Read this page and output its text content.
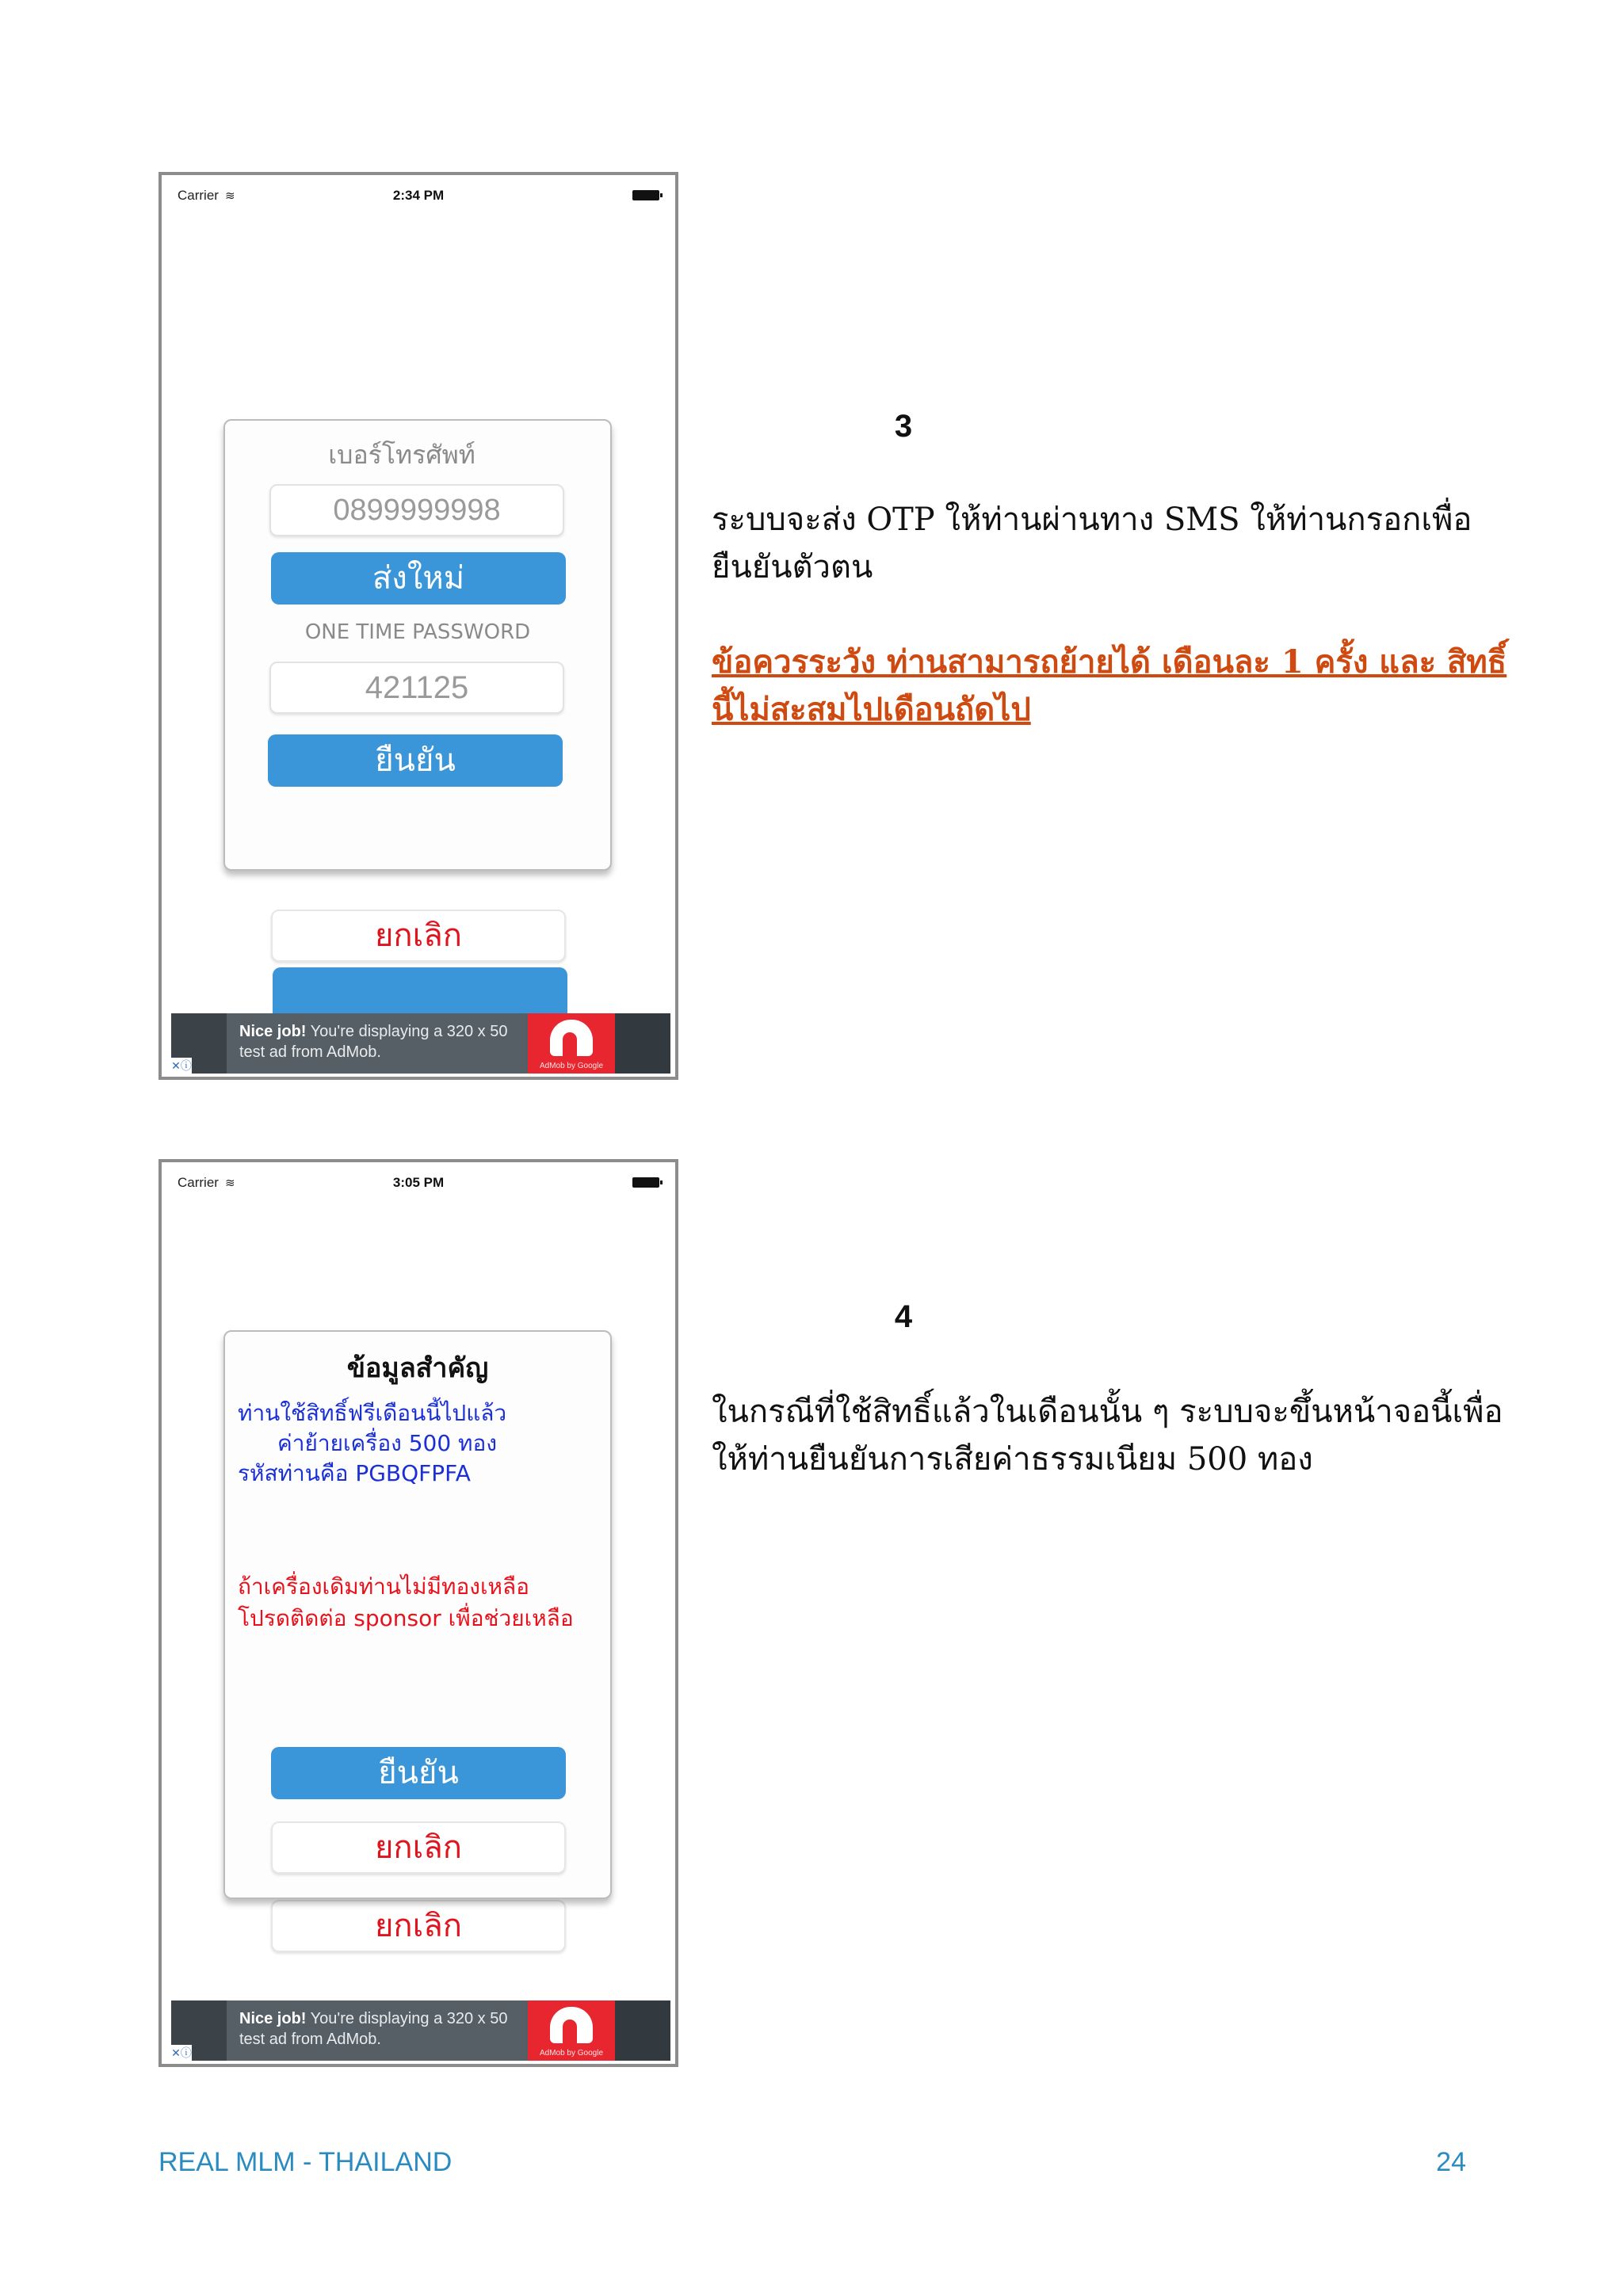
Carrier ≋	2:34 PM
ยกเลิก
เบอร์โทรศัพท์
0899999998
ส่งใหม่
ONE TIME PASSWORD
421125
ยืนยัน
✕ⓘ
Nice job! You're displaying a 320 x 50
test ad from AdMob.
AdMob by Google
3
ระบบจะส่ง OTP ให้ท่านผ่านทาง SMS ให้ท่านกรอกเพื่อยืนยันตัวตน
ข้อควรระวัง ท่านสามารถย้ายได้ เดือนละ 1 ครั้ง และ สิทธิ์นี้ไม่สะสมไปเดือนถัดไป
Carrier ≋	3:05 PM
ยกเลิก
ข้อมูลสำคัญ
ท่านใช้สิทธิ์ฟรีเดือนนี้ไปแล้ว
ค่าย้ายเครื่อง 500 ทอง
รหัสท่านคือ PGBQFPFA
ถ้าเครื่องเดิมท่านไม่มีทองเหลือ
โปรดติดต่อ sponsor เพื่อช่วยเหลือ
ยืนยัน
ยกเลิก
✕ⓘ
Nice job! You're displaying a 320 x 50
test ad from AdMob.
AdMob by Google
4
ในกรณีที่ใช้สิทธิ์แล้วในเดือนนั้น ๆ ระบบจะขึ้นหน้าจอนี้เพื่อให้ท่านยืนยันการเสียค่าธรรมเนียม 500 ทอง
REAL MLM - THAILAND	24
